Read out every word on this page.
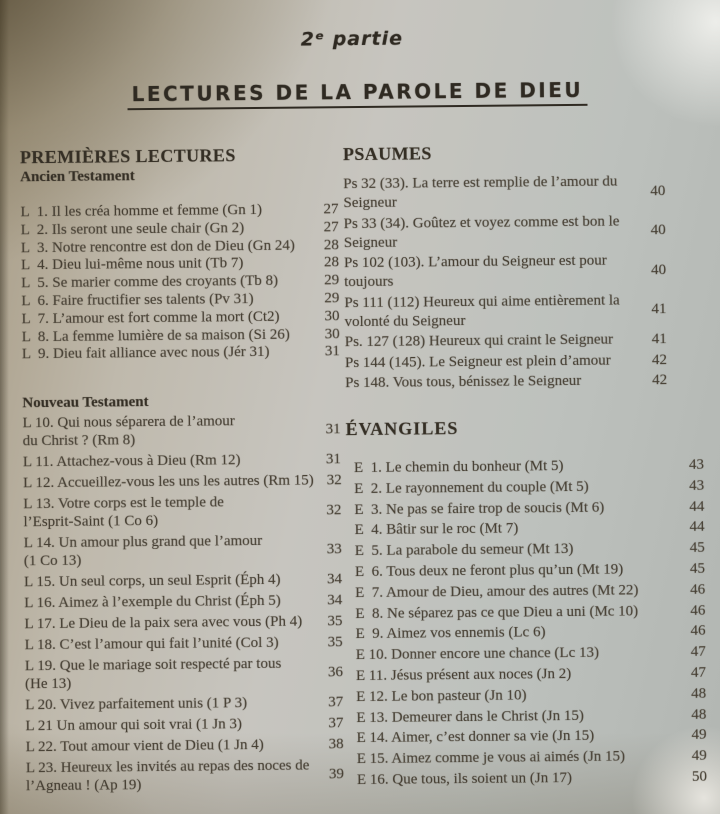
2ᵉ partie
LECTURES DE LA PAROLE DE DIEU
PREMIÈRES LECTURES
Ancien Testament
L  1. Il les créa homme et femme (Gn 1)	27
L  2. Ils seront une seule chair (Gn 2)	27
L  3. Notre rencontre est don de Dieu (Gn 24)	28
L  4. Dieu lui-même nous unit (Tb 7)	28
L  5. Se marier comme des croyants (Tb 8)	29
L  6. Faire fructifier ses talents (Pv 31)	29
L  7. L’amour est fort comme la mort (Ct2)	30
L  8. La femme lumière de sa maison (Si 26)	30
L  9. Dieu fait alliance avec nous (Jér 31)	31
Nouveau Testament
L 10. Qui nous séparera de l’amour
du Christ ? (Rm 8)
31
L 11. Attachez-vous à Dieu (Rm 12)	31
L 12. Accueillez-vous les uns les autres (Rm 15) 32
L 13. Votre corps est le temple de
l’Esprit-Saint (1 Co 6)
32
L 14. Un amour plus grand que l’amour
(1 Co 13)
33
L 15. Un seul corps, un seul Esprit (Éph 4)	34
L 16. Aimez à l’exemple du Christ (Éph 5)	34
L 17. Le Dieu de la paix sera avec vous (Ph 4)	35
L 18. C’est l’amour qui fait l’unité (Col 3)	35
L 19. Que le mariage soit respecté par tous
(He 13)
36
L 20. Vivez parfaitement unis (1 P 3)	37
L 21 Un amour qui soit vrai (1 Jn 3)	37
L 22. Tout amour vient de Dieu (1 Jn 4)	38
L 23. Heureux les invités au repas des noces de
l’Agneau ! (Ap 19)
39
PSAUMES
Ps 32 (33). La terre est remplie de l’amour du
Seigneur
40
Ps 33 (34). Goûtez et voyez comme est bon le
Seigneur
40
Ps 102 (103). L’amour du Seigneur est pour
toujours
40
Ps 111 (112) Heureux qui aime entièrement la
volonté du Seigneur
41
Ps. 127 (128) Heureux qui craint le Seigneur	41
Ps 144 (145). Le Seigneur est plein d’amour	42
Ps 148. Vous tous, bénissez le Seigneur	42
ÉVANGILES
E  1. Le chemin du bonheur (Mt 5)	43
E  2. Le rayonnement du couple (Mt 5)	43
E  3. Ne pas se faire trop de soucis (Mt 6)	44
E  4. Bâtir sur le roc (Mt 7)	44
E  5. La parabole du semeur (Mt 13)	45
E  6. Tous deux ne feront plus qu’un (Mt 19)	45
E  7. Amour de Dieu, amour des autres (Mt 22)	46
E  8. Ne séparez pas ce que Dieu a uni (Mc 10)	46
E  9. Aimez vos ennemis (Lc 6)	46
E 10. Donner encore une chance (Lc 13)	47
E 11. Jésus présent aux noces (Jn 2)	47
E 12. Le bon pasteur (Jn 10)	48
E 13. Demeurer dans le Christ (Jn 15)	48
E 14. Aimer, c’est donner sa vie (Jn 15)	49
E 15. Aimez comme je vous ai aimés (Jn 15)	49
E 16. Que tous, ils soient un (Jn 17)	50
